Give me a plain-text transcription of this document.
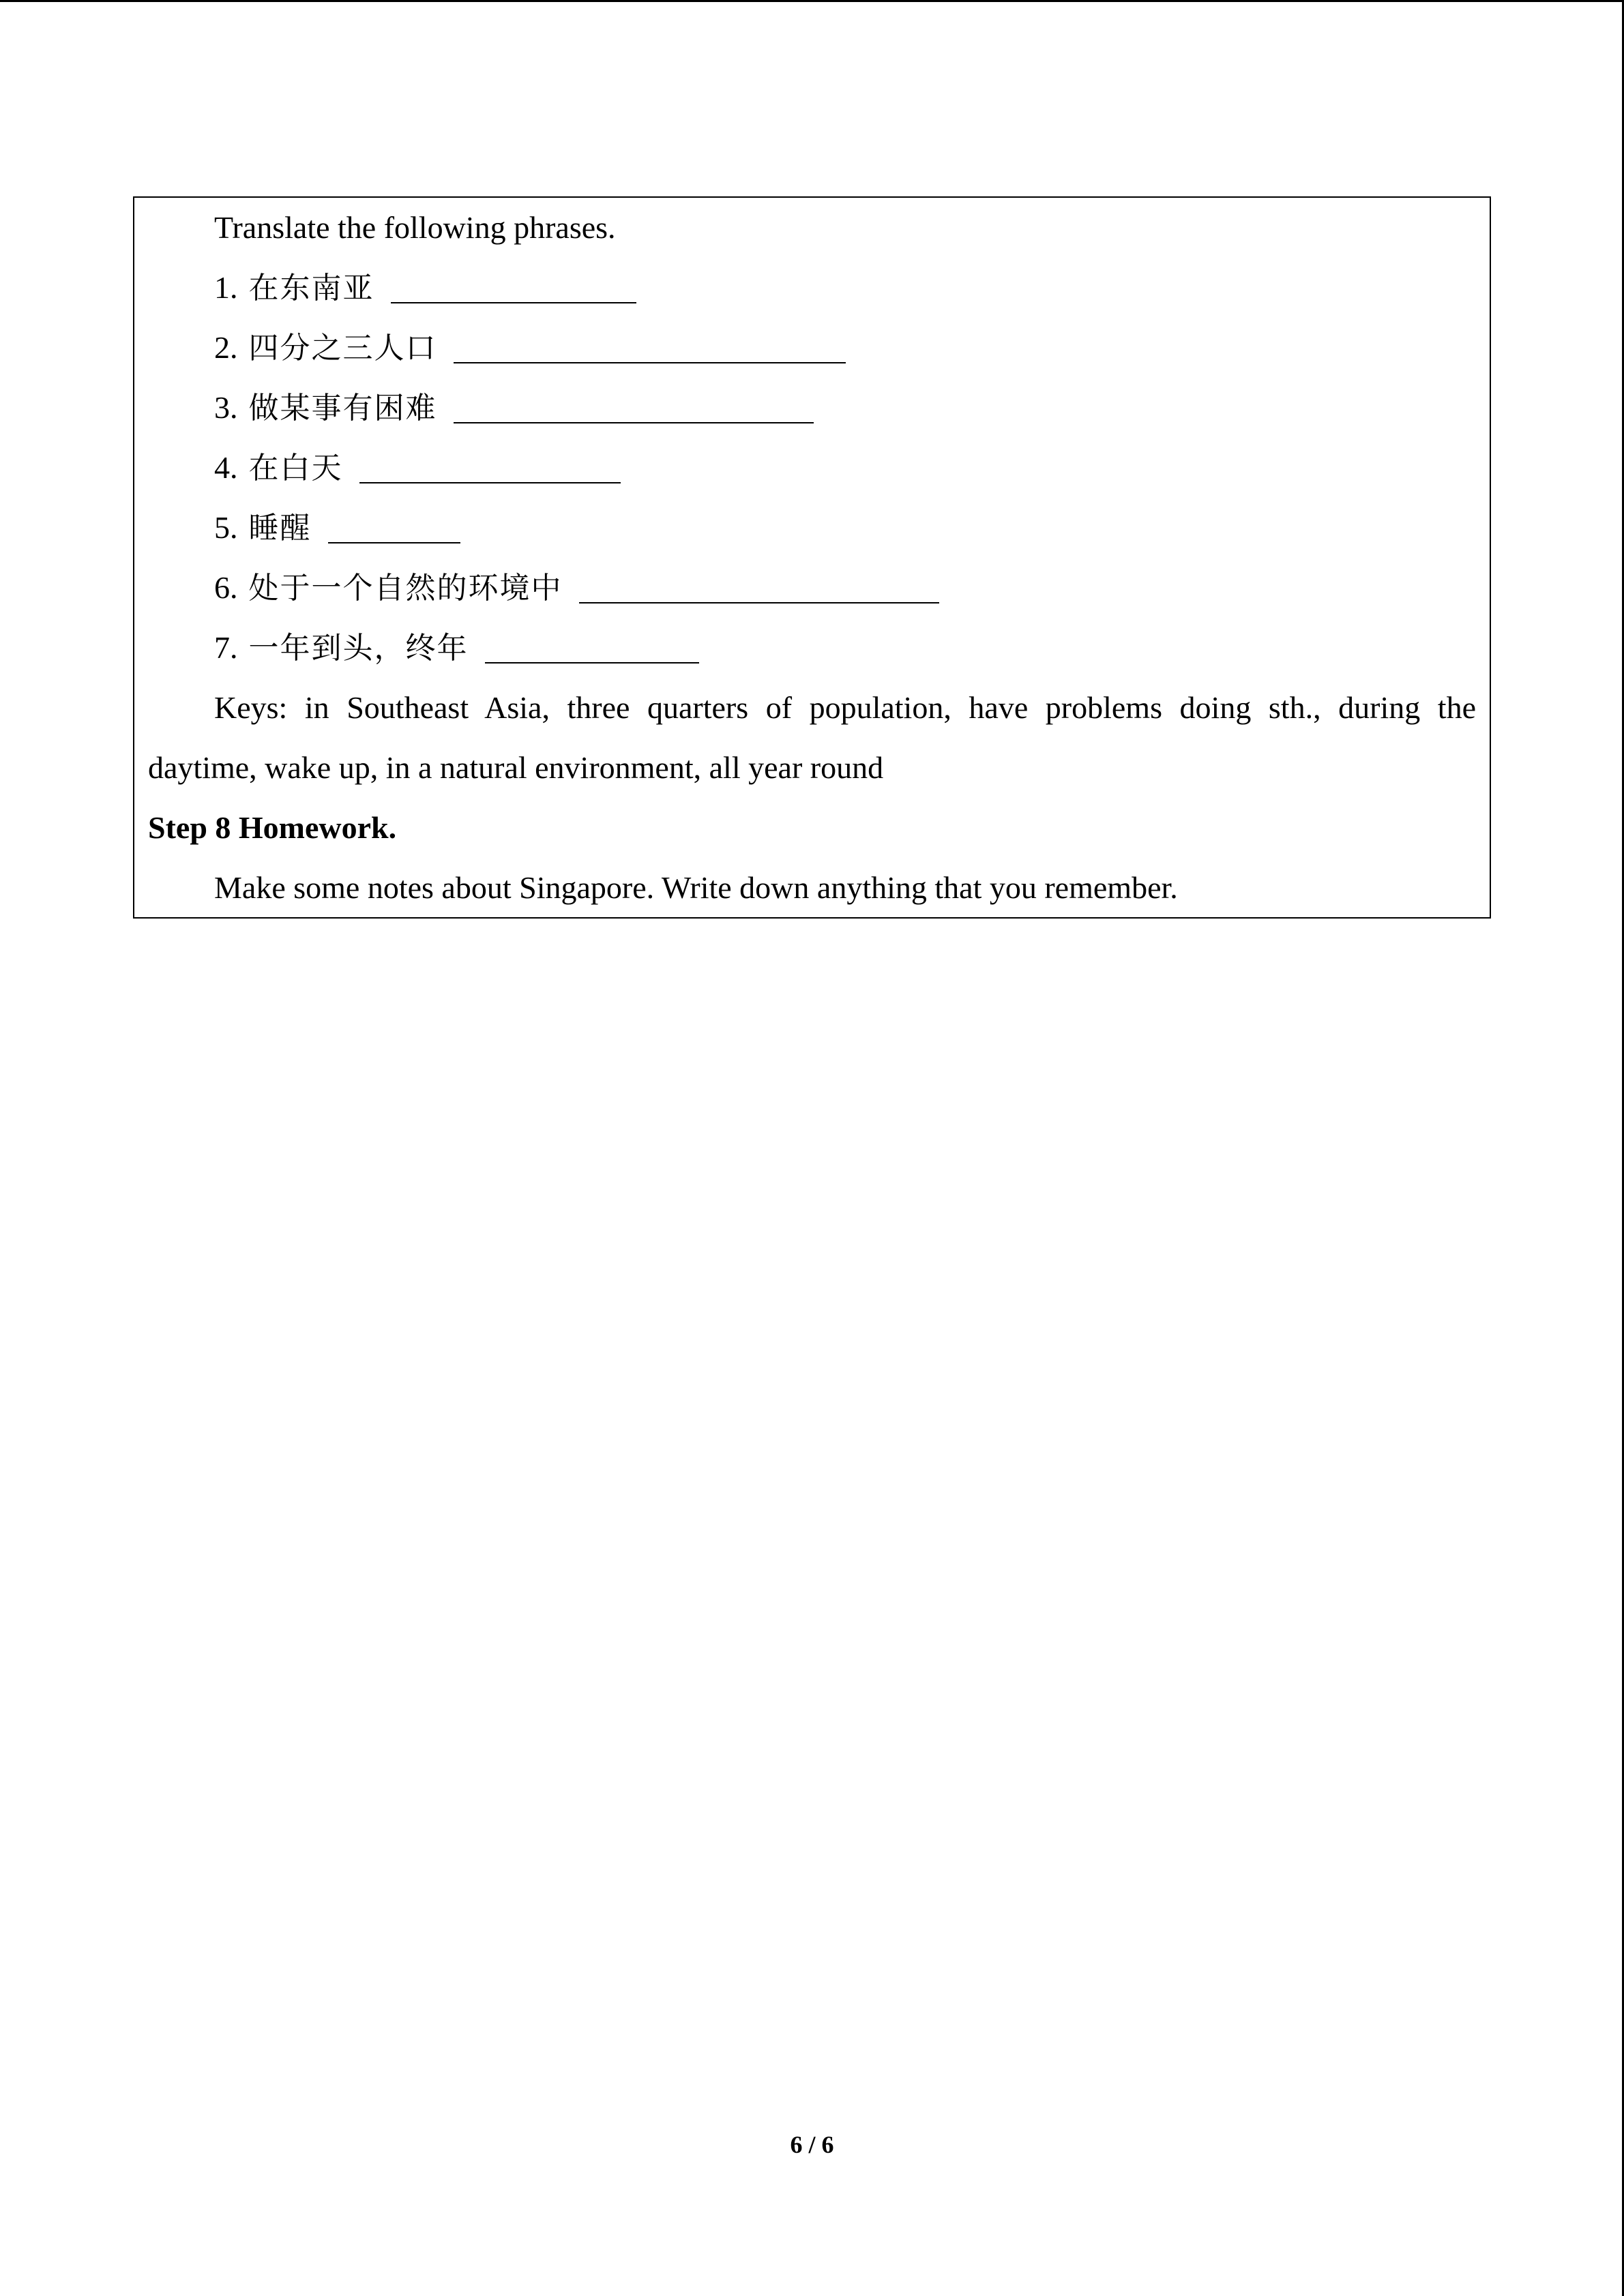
Translate the following phrases.
1. 在东南亚
2. 四分之三人口
3. 做某事有困难
4. 在白天
5. 睡醒
6. 处于一个自然的环境中
7. 一年到头，终年
Keys: in Southeast Asia, three quarters of population, have problems doing sth., during the
daytime, wake up, in a natural environment, all year round
Step 8 Homework.
Make some notes about Singapore. Write down anything that you remember.
6 / 6
